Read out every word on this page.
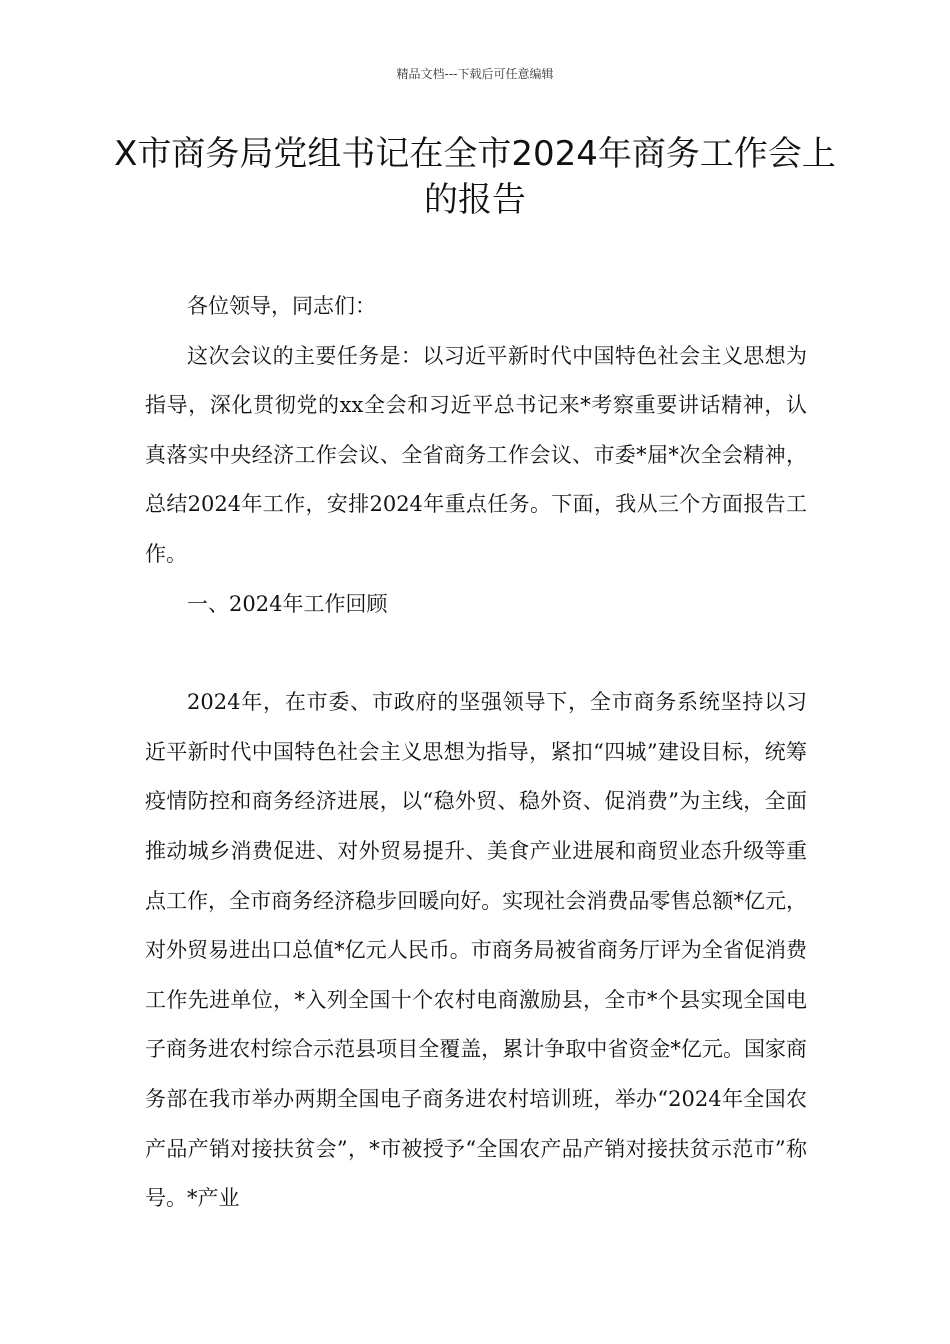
精品文档---下载后可任意编辑
X市商务局党组书记在全市2024年商务工作会上的报告

各位领导，同志们：

这次会议的主要任务是：以习近平新时代中国特色社会主义思想为指导，深化贯彻党的xx全会和习近平总书记来*考察重要讲话精神，认真落实中央经济工作会议、全省商务工作会议、市委*届*次全会精神，总结2024年工作，安排2024年重点任务。下面，我从三个方面报告工作。

一、2024年工作回顾

2024年，在市委、市政府的坚强领导下，全市商务系统坚持以习近平新时代中国特色社会主义思想为指导，紧扣“四城”建设目标，统筹疫情防控和商务经济进展，以“稳外贸、稳外资、促消费”为主线，全面推动城乡消费促进、对外贸易提升、美食产业进展和商贸业态升级等重点工作，全市商务经济稳步回暖向好。实现社会消费品零售总额*亿元，对外贸易进出口总值*亿元人民币。市商务局被省商务厅评为全省促消费工作先进单位，*入列全国十个农村电商激励县，全市*个县实现全国电子商务进农村综合示范县项目全覆盖，累计争取中省资金*亿元。国家商务部在我市举办两期全国电子商务进农村培训班，举办“2024年全国农产品产销对接扶贫会”，*市被授予“全国农产品产销对接扶贫示范市”称号。*产业
